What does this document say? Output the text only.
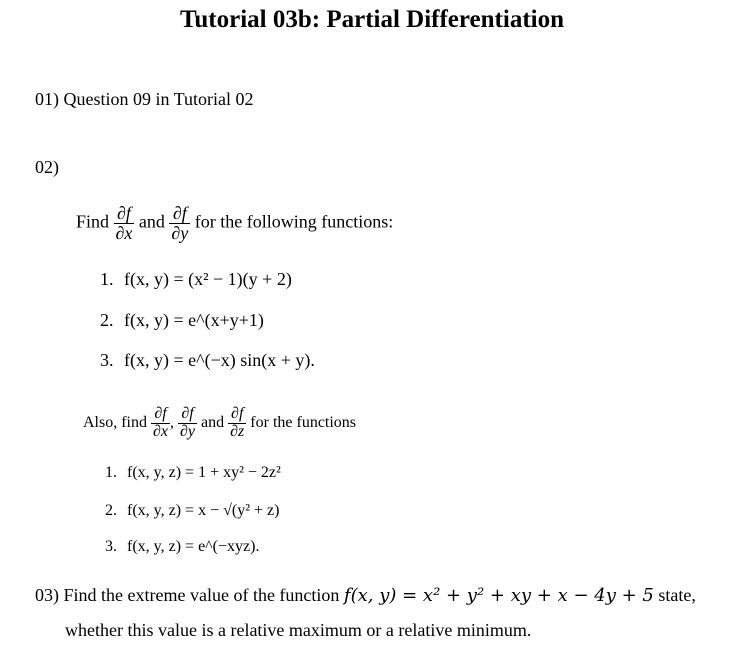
Tutorial 03b: Partial Differentiation
01) Question 09 in Tutorial 02
02)
Find $\frac{\partial f}{\partial x}$ and $\frac{\partial f}{\partial y}$ for the following functions:
1. f(x, y) = (x² − 1)(y + 2)
2. f(x, y) = e^(x+y+1)
3. f(x, y) = e^(−x) sin(x + y).
Also, find $\frac{\partial f}{\partial x}$ , $\frac{\partial f}{\partial y}$ and $\frac{\partial f}{\partial z}$ for the functions
1. f(x, y, z) = 1 + xy² − 2z²
2. f(x, y, z) = x − √(y² + z)
3. f(x, y, z) = e^(−xyz).
03) Find the extreme value of the function f(x, y) = x² + y² + xy + x − 4y + 5 state,
whether this value is a relative maximum or a relative minimum.
